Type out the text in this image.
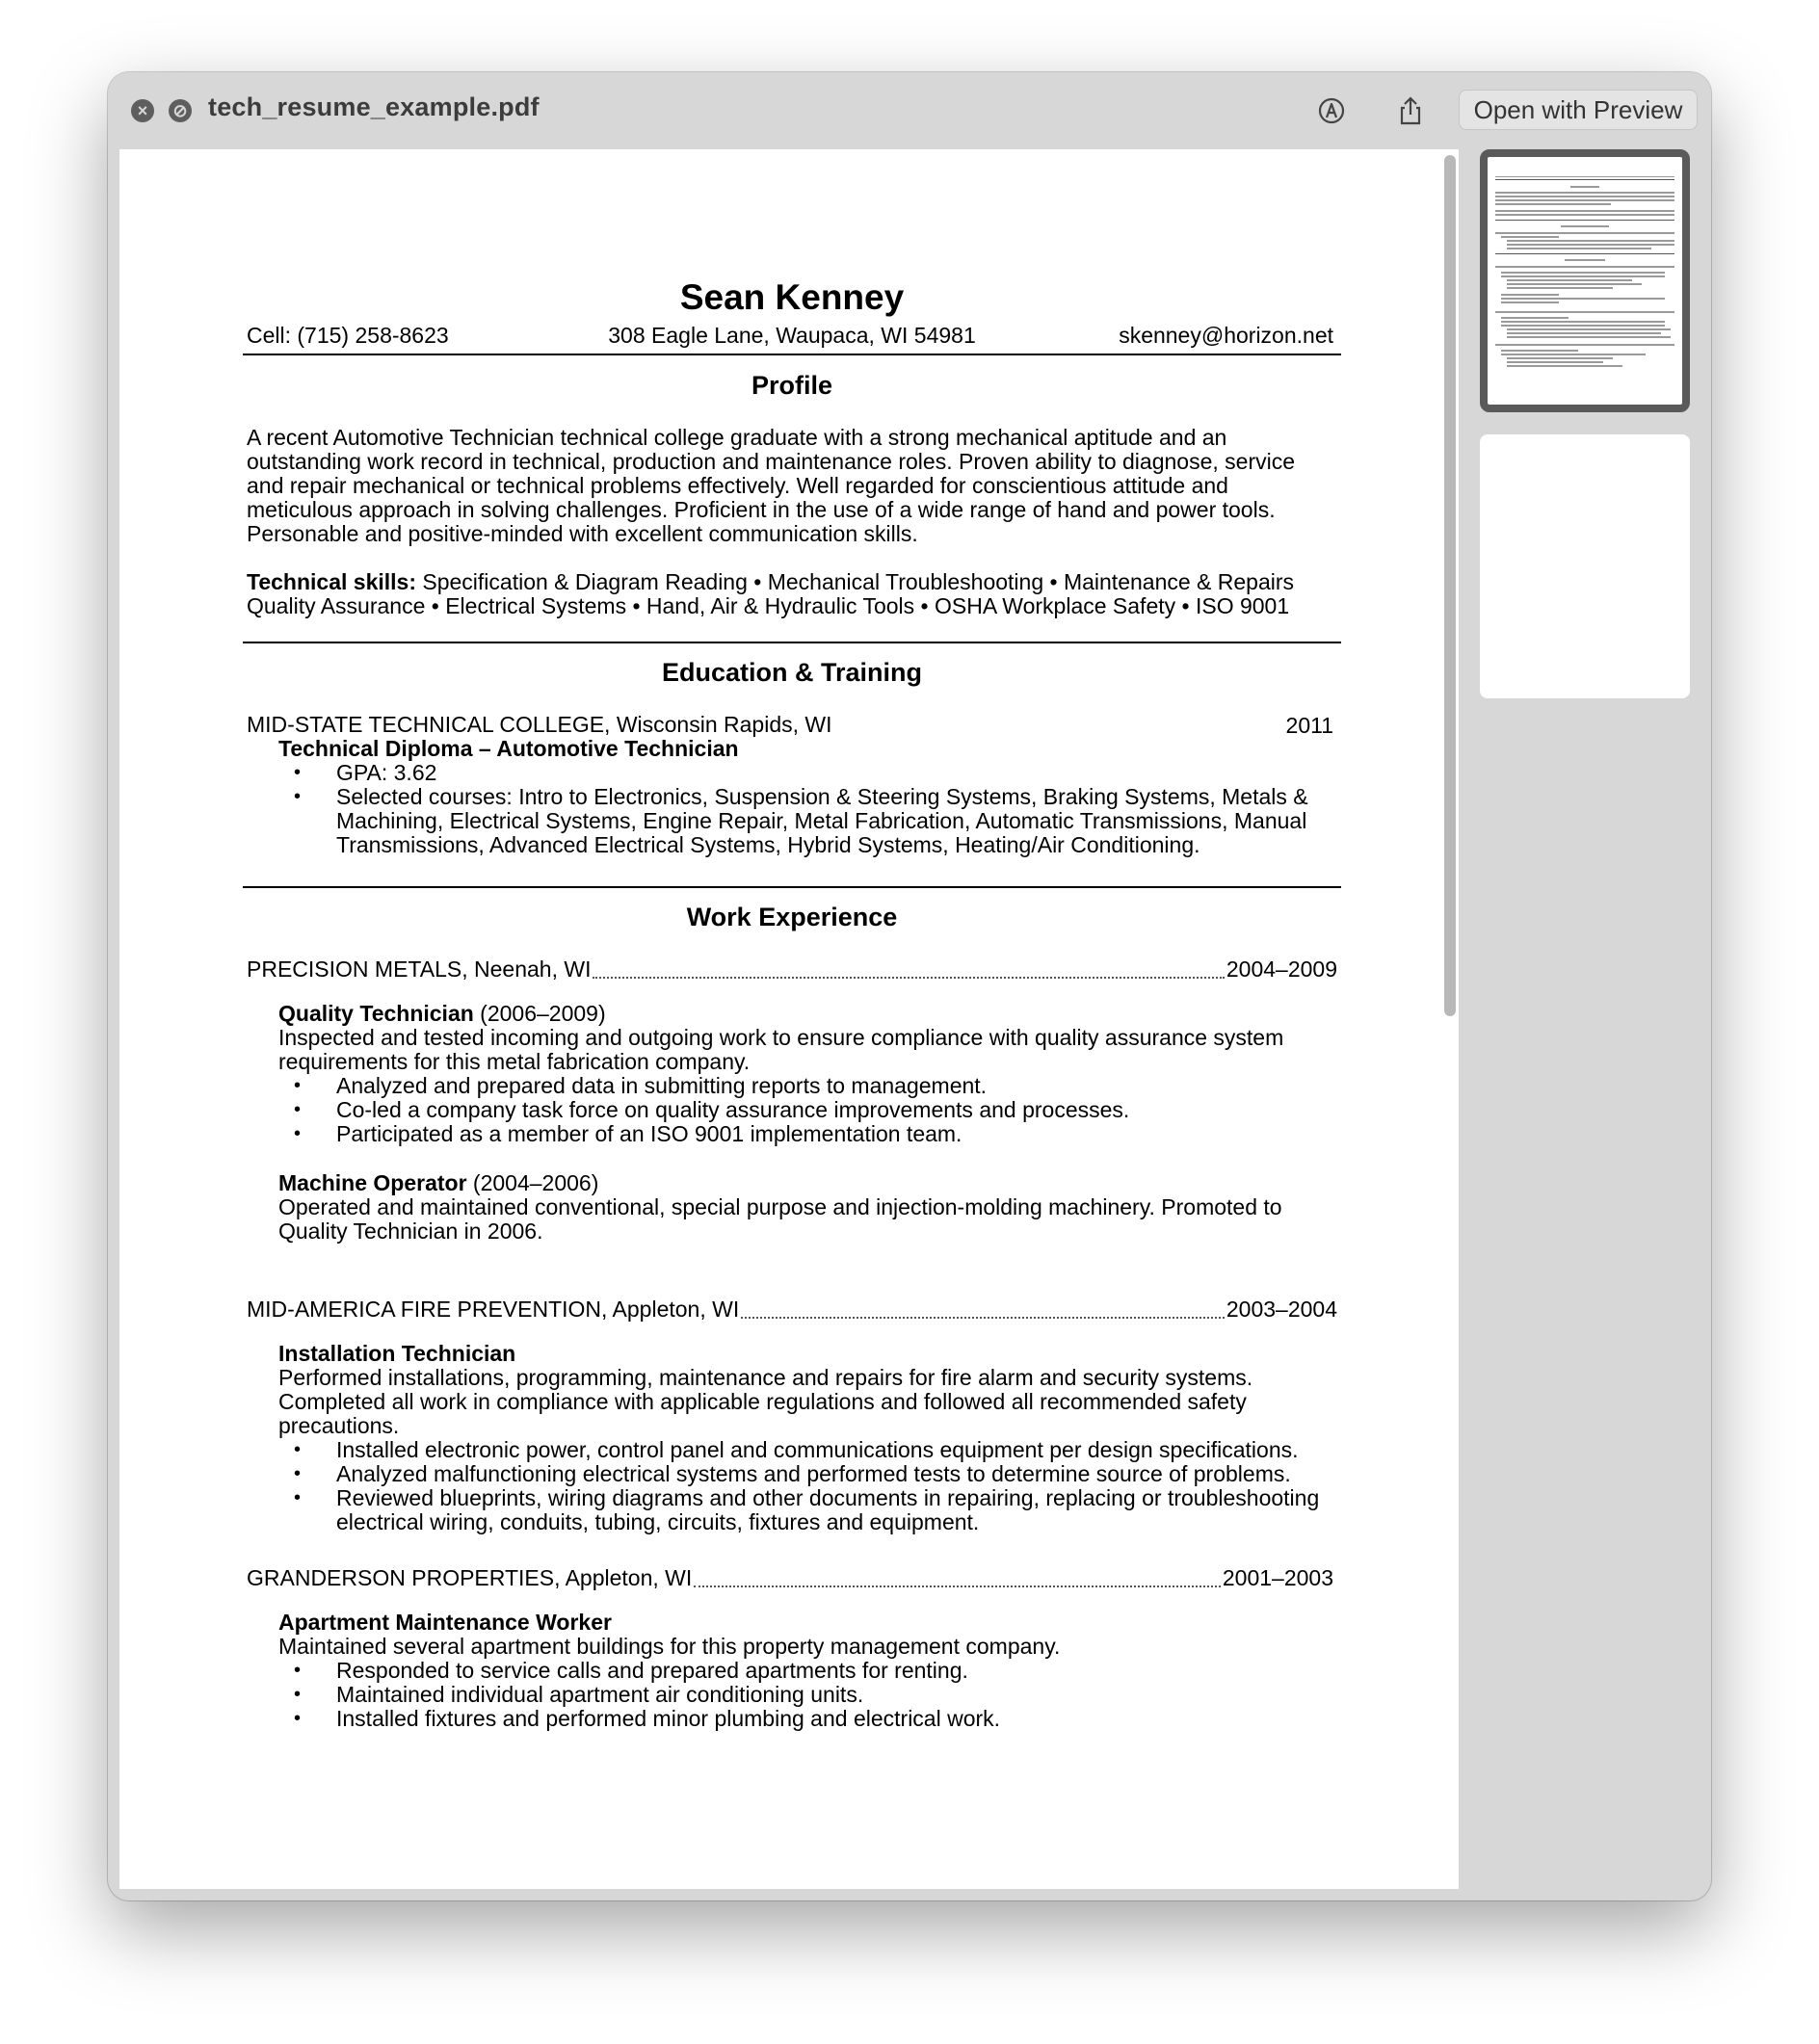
×	⊘ tech_resume_example.pdf	Open with Preview
Sean Kenney
Cell: (715) 258-8623	308 Eagle Lane, Waupaca, WI 54981	skenney@horizon.net
Profile
A recent Automotive Technician technical college graduate with a strong mechanical aptitude and an outstanding work record in technical, production and maintenance roles. Proven ability to diagnose, service and repair mechanical or technical problems effectively. Well regarded for conscientious attitude and meticulous approach in solving challenges. Proficient in the use of a wide range of hand and power tools. Personable and positive-minded with excellent communication skills.
Technical skills: Specification & Diagram Reading • Mechanical Troubleshooting • Maintenance & Repairs
Quality Assurance • Electrical Systems • Hand, Air & Hydraulic Tools • OSHA Workplace Safety • ISO 9001
Education & Training
MID-STATE TECHNICAL COLLEGE, Wisconsin Rapids, WI	2011
Technical Diploma – Automotive Technician
• GPA: 3.62
• Selected courses: Intro to Electronics, Suspension & Steering Systems, Braking Systems, Metals & Machining, Electrical Systems, Engine Repair, Metal Fabrication, Automatic Transmissions, Manual Transmissions, Advanced Electrical Systems, Hybrid Systems, Heating/Air Conditioning.
Work Experience
PRECISION METALS, Neenah, WI	2004–2009
Quality Technician (2006–2009)
Inspected and tested incoming and outgoing work to ensure compliance with quality assurance system requirements for this metal fabrication company.
• Analyzed and prepared data in submitting reports to management.
• Co-led a company task force on quality assurance improvements and processes.
• Participated as a member of an ISO 9001 implementation team.
Machine Operator (2004–2006)
Operated and maintained conventional, special purpose and injection-molding machinery. Promoted to Quality Technician in 2006.
MID-AMERICA FIRE PREVENTION, Appleton, WI	2003–2004
Installation Technician
Performed installations, programming, maintenance and repairs for fire alarm and security systems. Completed all work in compliance with applicable regulations and followed all recommended safety precautions.
• Installed electronic power, control panel and communications equipment per design specifications.
• Analyzed malfunctioning electrical systems and performed tests to determine source of problems.
• Reviewed blueprints, wiring diagrams and other documents in repairing, replacing or troubleshooting electrical wiring, conduits, tubing, circuits, fixtures and equipment.
GRANDERSON PROPERTIES, Appleton, WI	2001–2003
Apartment Maintenance Worker
Maintained several apartment buildings for this property management company.
• Responded to service calls and prepared apartments for renting.
• Maintained individual apartment air conditioning units.
• Installed fixtures and performed minor plumbing and electrical work.
